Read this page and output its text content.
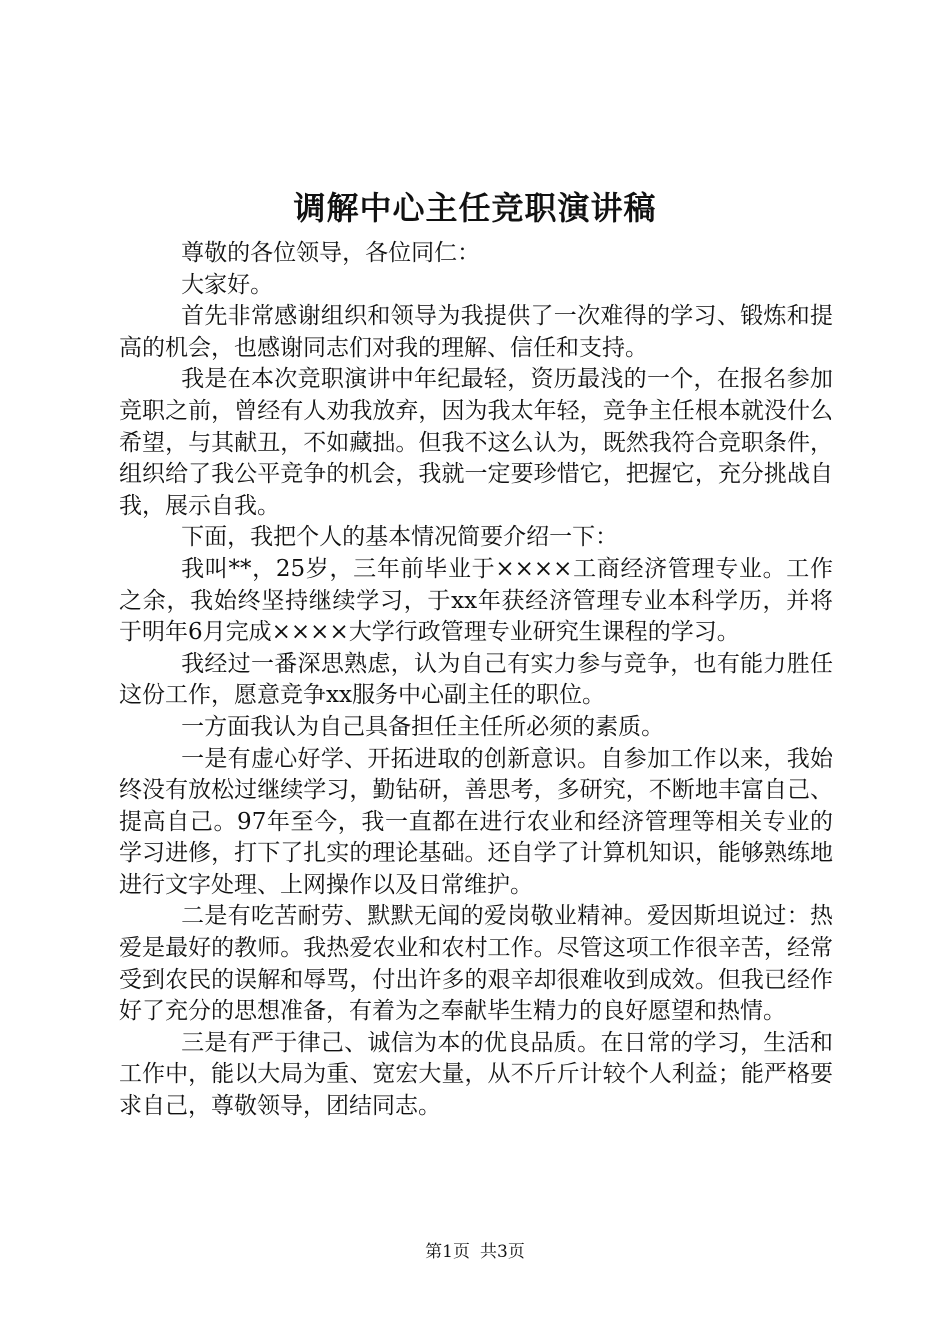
调解中心主任竞职演讲稿

尊敬的各位领导，各位同仁：

大家好。

首先非常感谢组织和领导为我提供了一次难得的学习、锻炼和提高的机会，也感谢同志们对我的理解、信任和支持。

我是在本次竞职演讲中年纪最轻，资历最浅的一个，在报名参加竞职之前，曾经有人劝我放弃，因为我太年轻，竞争主任根本就没什么希望，与其献丑，不如藏拙。但我不这么认为，既然我符合竞职条件，组织给了我公平竞争的机会，我就一定要珍惜它，把握它，充分挑战自我，展示自我。

下面，我把个人的基本情况简要介绍一下：

我叫**，25岁，三年前毕业于××××工商经济管理专业。工作之余，我始终坚持继续学习，于xx年获经济管理专业本科学历，并将于明年6月完成××××大学行政管理专业研究生课程的学习。

我经过一番深思熟虑，认为自己有实力参与竞争，也有能力胜任这份工作，愿意竞争xx服务中心副主任的职位。

一方面我认为自己具备担任主任所必须的素质。

一是有虚心好学、开拓进取的创新意识。自参加工作以来，我始终没有放松过继续学习，勤钻研，善思考，多研究，不断地丰富自己、提高自己。97年至今，我一直都在进行农业和经济管理等相关专业的学习进修，打下了扎实的理论基础。还自学了计算机知识，能够熟练地进行文字处理、上网操作以及日常维护。

二是有吃苦耐劳、默默无闻的爱岗敬业精神。爱因斯坦说过：热爱是最好的教师。我热爱农业和农村工作。尽管这项工作很辛苦，经常受到农民的误解和辱骂，付出许多的艰辛却很难收到成效。但我已经作好了充分的思想准备，有着为之奉献毕生精力的良好愿望和热情。

三是有严于律己、诚信为本的优良品质。在日常的学习，生活和工作中，能以大局为重、宽宏大量，从不斤斤计较个人利益；能严格要求自己，尊敬领导，团结同志。

第1页 共3页
